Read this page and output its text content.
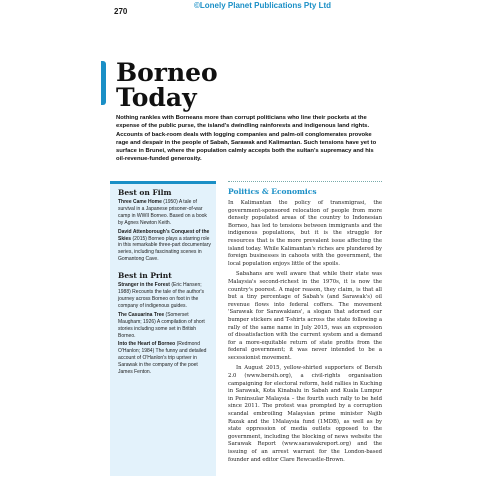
270
©Lonely Planet Publications Pty Ltd
Borneo
Today
Nothing rankles with Borneans more than corrupt politicians who line their pockets at the expense of the public purse, the island's dwindling rainforests and indigenous land rights. Accounts of back-room deals with logging companies and palm-oil conglomerates provoke rage and despair in the people of Sabah, Sarawak and Kalimantan. Such tensions have yet to surface in Brunei, where the population calmly accepts both the sultan's supremacy and his oil-revenue-funded generosity.
Best on Film
Three Came Home (1950) A tale of survival in a Japanese prisoner-of-war camp in WWII Borneo. Based on a book by Agnes Newton Keith.
David Attenborough's Conquest of the Skies (2015) Borneo plays a starring role in this remarkable three-part documentary series, including fascinating scenes in Gomantong Cave.
Best in Print
Stranger in the Forest (Eric Hansen; 1988) Recounts the tale of the author's journey across Borneo on foot in the company of indigenous guides.
The Casuarina Tree (Somerset Maugham; 1926) A compilation of short stories including some set in British Borneo.
Into the Heart of Borneo (Redmond O'Hanlon; 1984) The funny and detailed account of O'Hanlon's trip upriver in Sarawak in the company of the poet James Fenton.
Politics & Economics

In Kalimantan the policy of transmigrasi, the government-sponsored relocation of people from more densely populated areas of the country to Indonesian Borneo, has led to tensions between immigrants and the indigenous populations, but it is the struggle for resources that is the more prevalent issue affecting the island today. While Kalimantan's riches are plundered by foreign businesses in cahoots with the government, the local population enjoys little of the spoils.

Sabahans are well aware that while their state was Malaysia's second-richest in the 1970s, it is now the country's poorest. A major reason, they claim, is that all but a tiny percentage of Sabah's (and Sarawak's) oil revenue flows into federal coffers. The movement 'Sarawak for Sarawakians', a slogan that adorned car bumper stickers and T-shirts across the state following a rally of the same name in July 2015, was an expression of dissatisfaction with the current system and a demand for a more-equitable return of state profits from the federal government; it was never intended to be a secessionist movement.

In August 2015, yellow-shirted supporters of Bersih 2.0 (www.bersih.org), a civil-rights organisation campaigning for electoral reform, held rallies in Kuching in Sarawak, Kota Kinabalu in Sabah and Kuala Lumpur in Peninsular Malaysia – the fourth such rally to be held since 2011. The protest was prompted by a corruption scandal embroiling Malaysian prime minister Najib Razak and the 1Malaysia fund (1MDB), as well as by state oppression of media outlets opposed to the government, including the blocking of news website the Sarawak Report (www.sarawakreport.org) and the issuing of an arrest warrant for the London-based founder and editor Clare Rewcastle-Brown.
